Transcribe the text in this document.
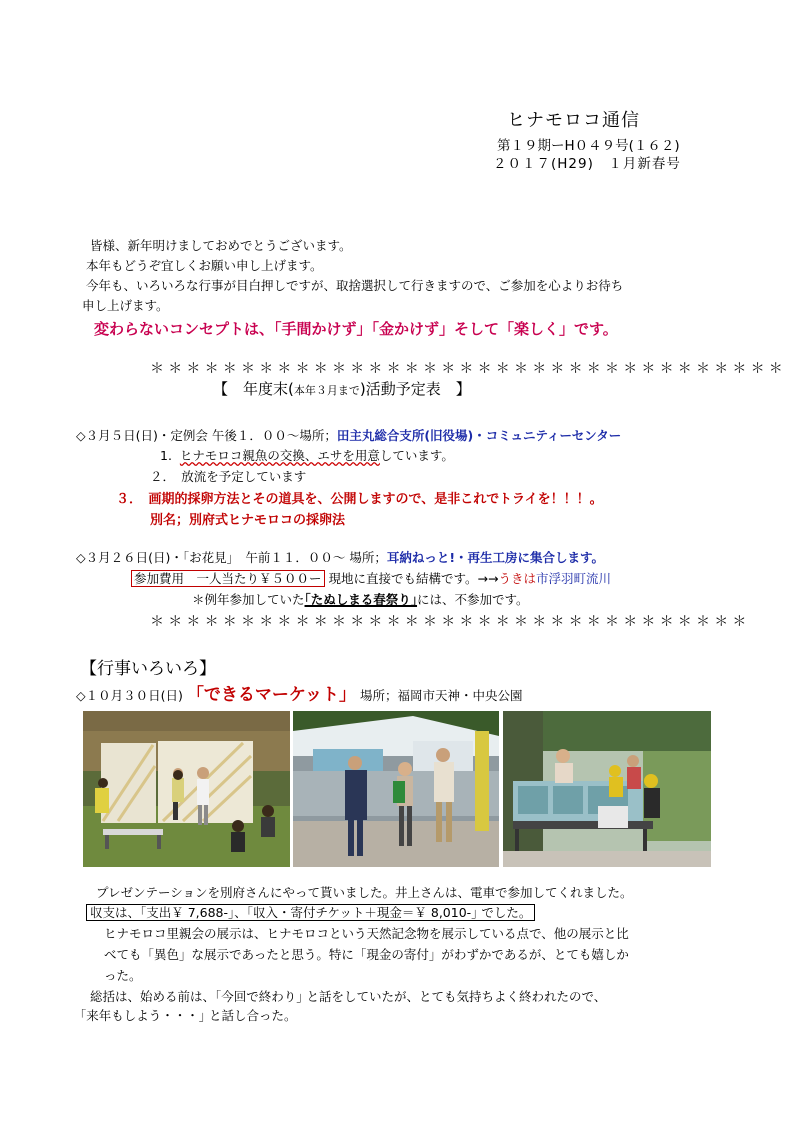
ヒナモロコ通信
第１９期ーH０４９号(１６２)
２０１７(H29)　１月新春号
皆様、新年明けましておめでとうございます。
本年もどうぞ宜しくお願い申し上げます。
今年も、いろいろな行事が目白押しですが、取捨選択して行きますので、ご参加を心よりお待ち
申し上げます。
変わらないコンセプトは、「手間かけず」「金かけず」そして「楽しく」です。
＊＊＊＊＊＊＊＊＊＊＊＊＊＊＊＊＊＊＊＊＊＊＊＊＊＊＊＊＊＊＊＊＊＊＊
【　年度末(本年３月まで)活動予定表　】
◇３月５日(日)・定例会 午後１．００～場所；田主丸総合支所(旧役場)・コミュニティーセンター
1. ヒナモロコ親魚の交換、エサを用意しています。
２．　放流を予定しています
３．　画期的採卵方法とその道具を、公開しますので、是非これでトライを！！！。
別名；別府式ヒナモロコの採卵法
◇３月２６日(日)・｢お花見｣　午前１１．００～ 場所；耳納ねっと!・再生工房に集合します。
参加費用　一人当たり￥５００ー 現地に直接でも結構です。→→うきは市浮羽町流川
＊例年参加していた｢たぬしまる春祭り｣には、不参加です。
＊＊＊＊＊＊＊＊＊＊＊＊＊＊＊＊＊＊＊＊＊＊＊＊＊＊＊＊＊＊＊＊＊
【行事いろいろ】
◇１０月３０日(日) 「できるマーケット」 場所；福岡市天神・中央公園
プレゼンテーションを別府さんにやって貰いました。井上さんは、電車で参加してくれました。
収支は、｢支出￥ 7,688-｣、｢収入・寄付チケット＋現金＝￥ 8,010-｣ でした。
ヒナモロコ里親会の展示は、ヒナモロコという天然記念物を展示している点で、他の展示と比
べても「異色」な展示であったと思う。特に「現金の寄付」がわずかであるが、とても嬉しか
った。
総括は、始める前は、｢今回で終わり｣ と話をしていたが、とても気持ちよく終われたので、
｢来年もしよう・・・｣ と話し合った。
